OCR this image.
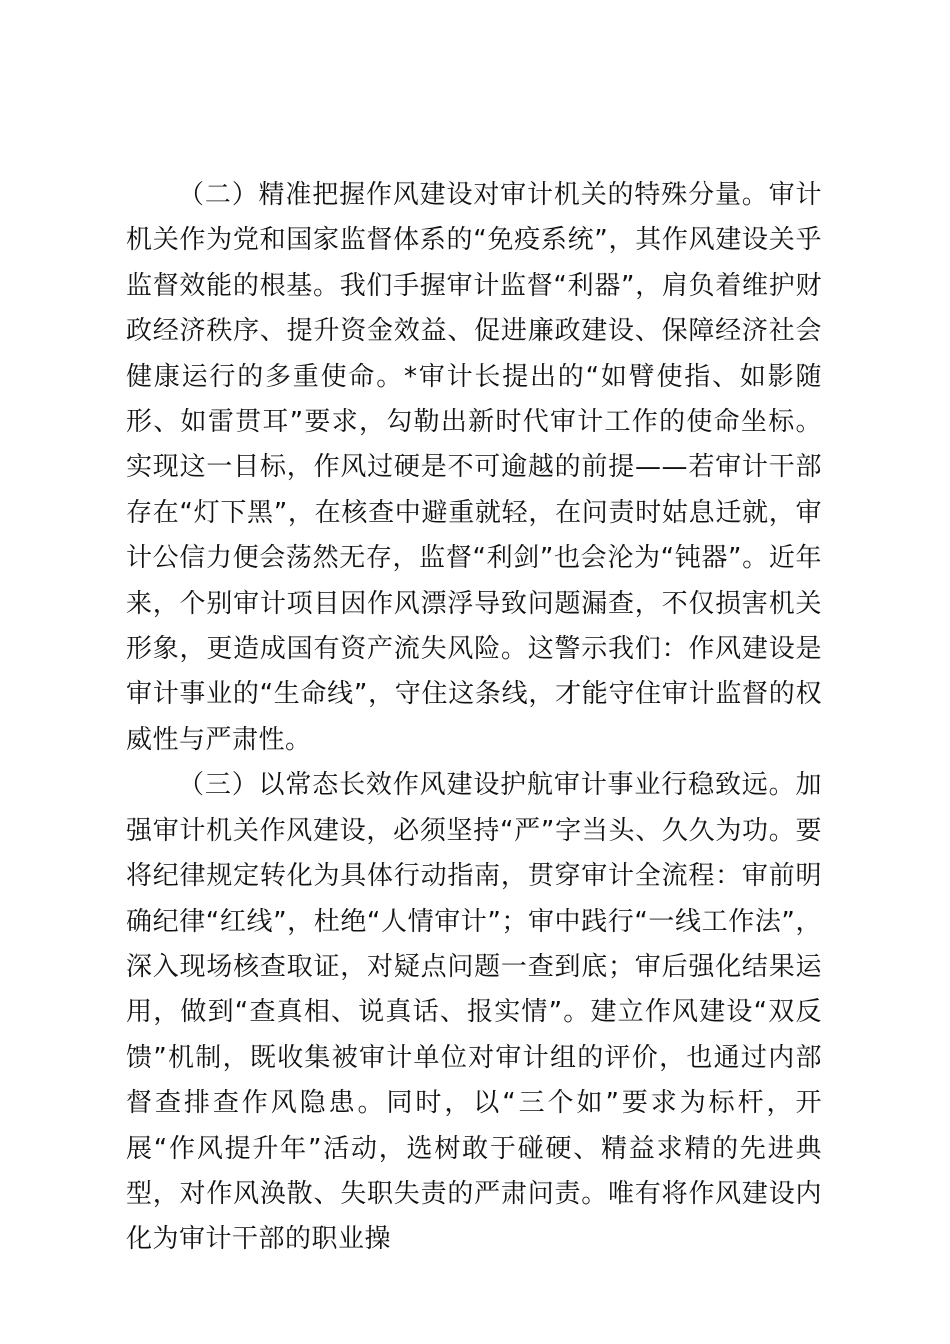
（二）精准把握作风建设对审计机关的特殊分量。审计机关作为党和国家监督体系的“免疫系统”，其作风建设关乎监督效能的根基。我们手握审计监督“利器”，肩负着维护财政经济秩序、提升资金效益、促进廉政建设、保障经济社会健康运行的多重使命。*审计长提出的“如臂使指、如影随形、如雷贯耳”要求，勾勒出新时代审计工作的使命坐标。实现这一目标，作风过硬是不可逾越的前提——若审计干部存在“灯下黑”，在核查中避重就轻，在问责时姑息迁就，审计公信力便会荡然无存，监督“利剑”也会沦为“钝器”。近年来，个别审计项目因作风漂浮导致问题漏查，不仅损害机关形象，更造成国有资产流失风险。这警示我们：作风建设是审计事业的“生命线”，守住这条线，才能守住审计监督的权威性与严肃性。

（三）以常态长效作风建设护航审计事业行稳致远。加强审计机关作风建设，必须坚持“严”字当头、久久为功。要将纪律规定转化为具体行动指南，贯穿审计全流程：审前明确纪律“红线”，杜绝“人情审计”；审中践行“一线工作法”，深入现场核查取证，对疑点问题一查到底；审后强化结果运用，做到“查真相、说真话、报实情”。建立作风建设“双反馈”机制，既收集被审计单位对审计组的评价，也通过内部督查排查作风隐患。同时，以“三个如”要求为标杆，开展“作风提升年”活动，选树敢于碰硬、精益求精的先进典型，对作风涣散、失职失责的严肃问责。唯有将作风建设内化为审计干部的职业操
